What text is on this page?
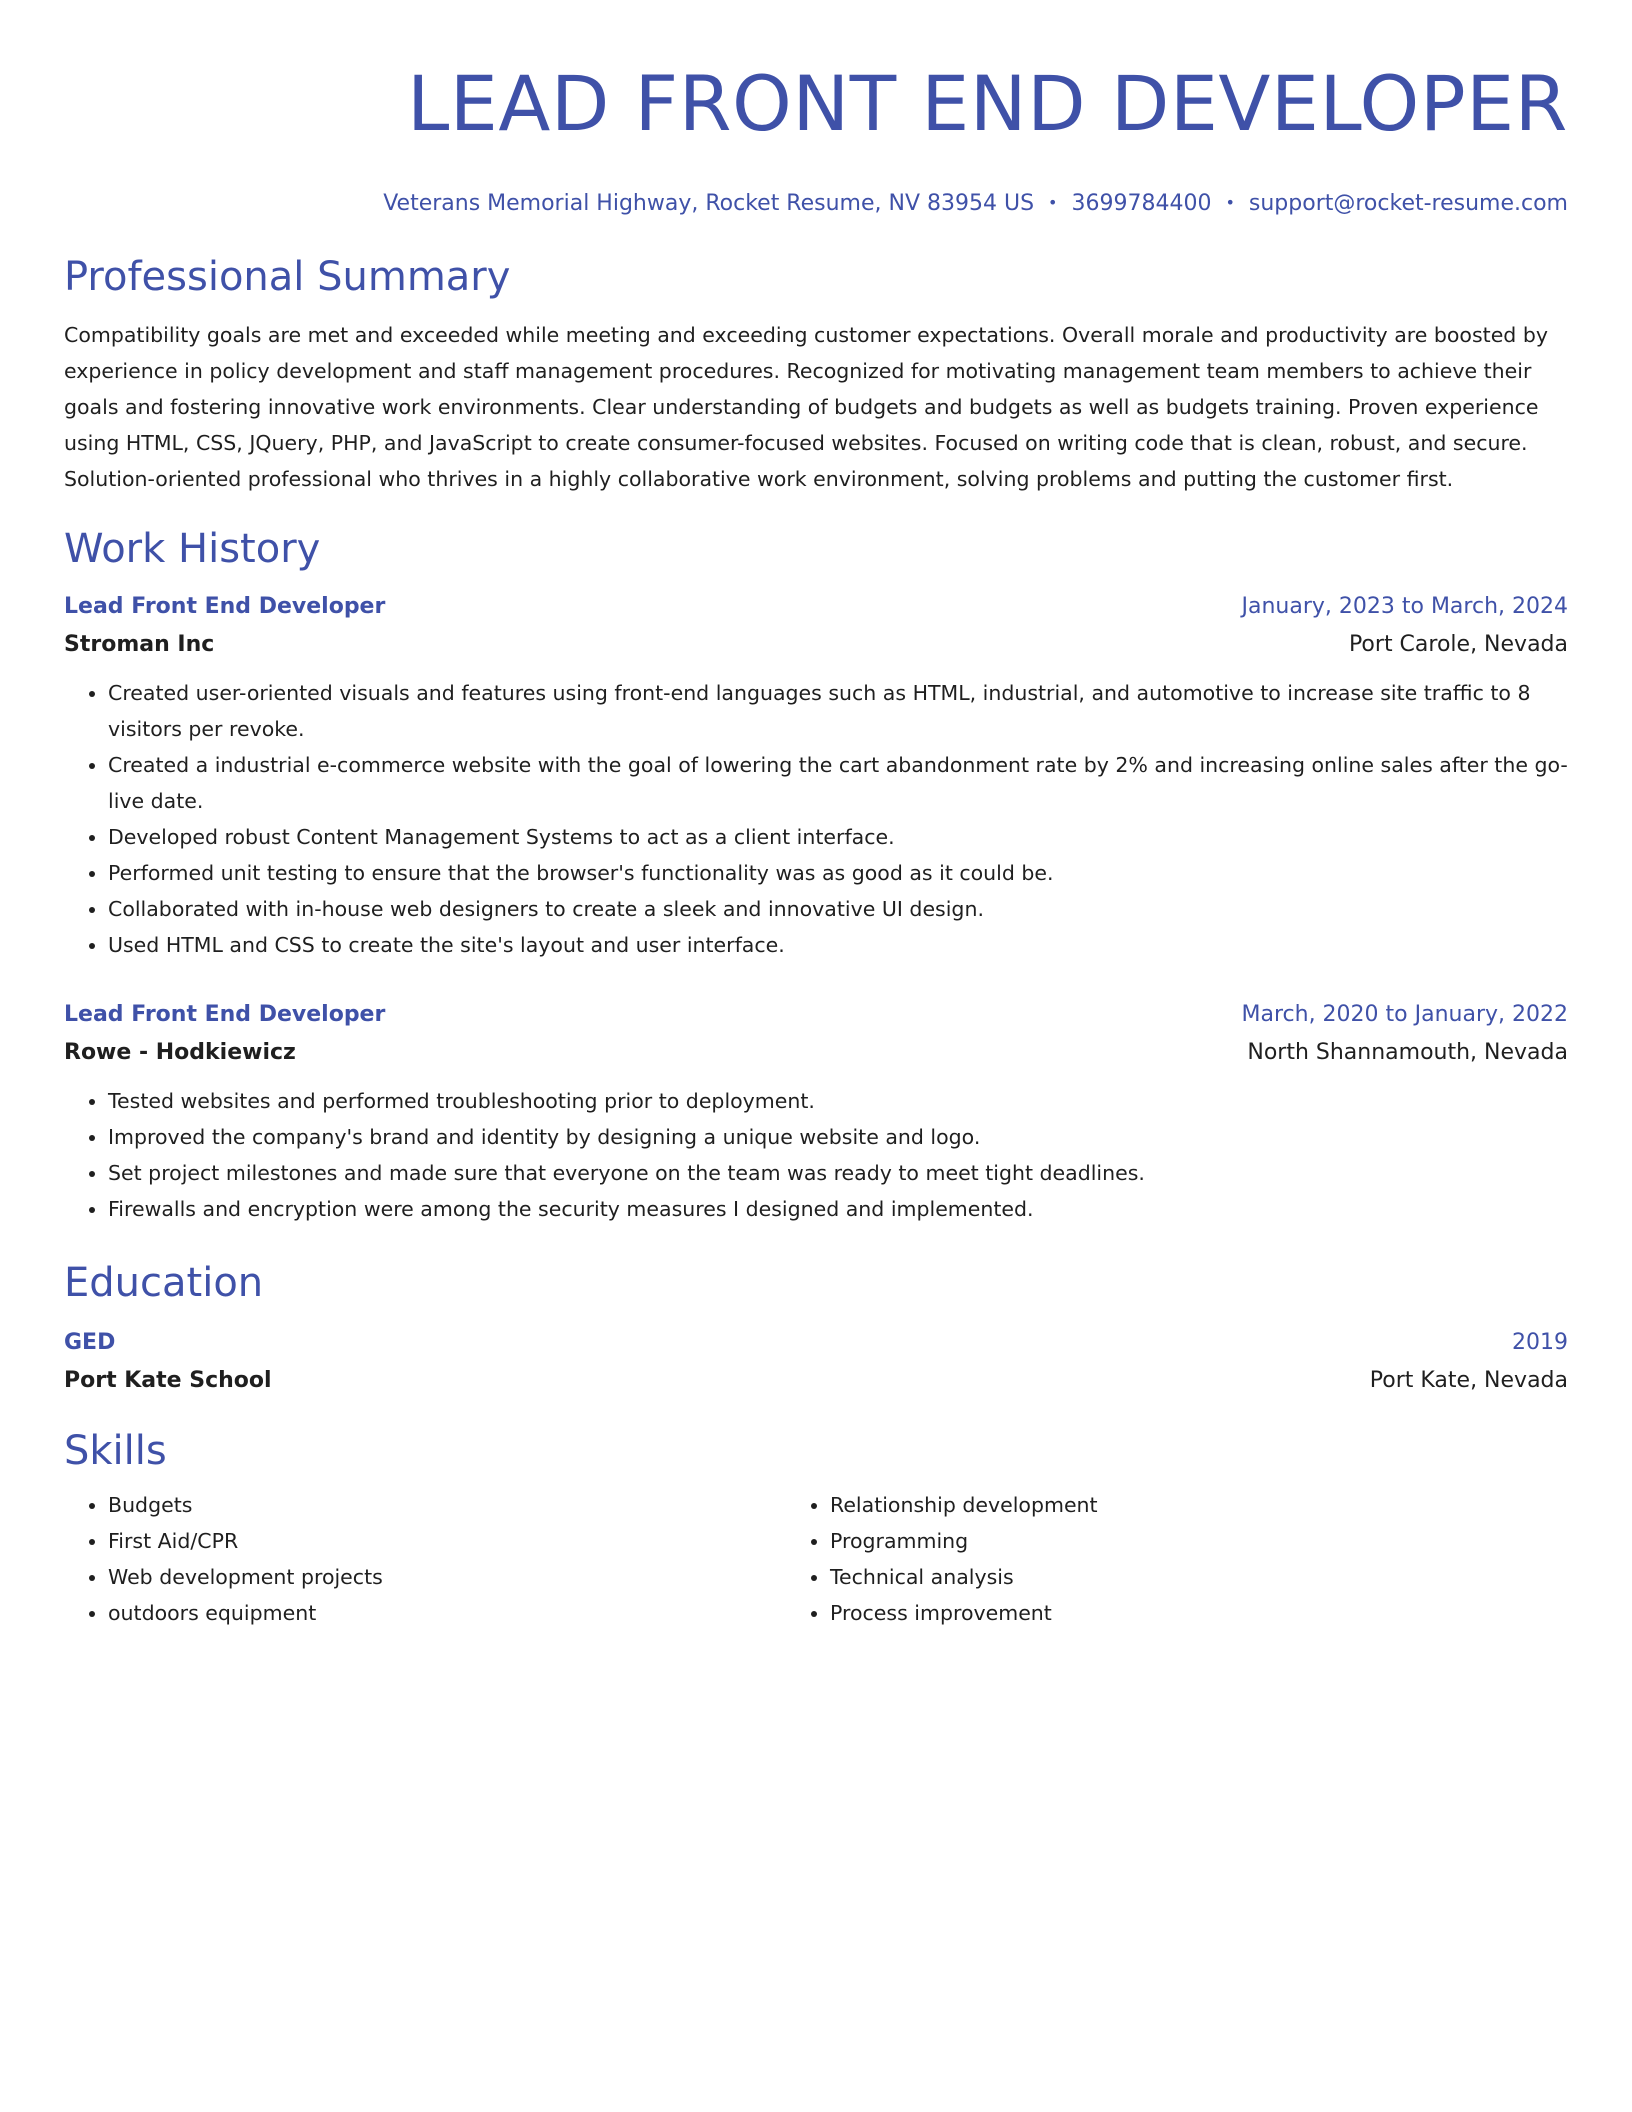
LEAD FRONT END DEVELOPER
Veterans Memorial Highway, Rocket Resume, NV 83954 US • 3699784400 • support@rocket-resume.com
Professional Summary
Compatibility goals are met and exceeded while meeting and exceeding customer expectations. Overall morale and productivity are boosted by experience in policy development and staff management procedures. Recognized for motivating management team members to achieve their goals and fostering innovative work environments. Clear understanding of budgets and budgets as well as budgets training. Proven experience using HTML, CSS, JQuery, PHP, and JavaScript to create consumer-focused websites. Focused on writing code that is clean, robust, and secure. Solution-oriented professional who thrives in a highly collaborative work environment, solving problems and putting the customer first.
Work History
Lead Front End Developer	January, 2023 to March, 2024
Stroman Inc	Port Carole, Nevada
• Created user-oriented visuals and features using front-end languages such as HTML, industrial, and automotive to increase site traffic to 8 visitors per revoke.
• Created a industrial e-commerce website with the goal of lowering the cart abandonment rate by 2% and increasing online sales after the go-live date.
• Developed robust Content Management Systems to act as a client interface.
• Performed unit testing to ensure that the browser's functionality was as good as it could be.
• Collaborated with in-house web designers to create a sleek and innovative UI design.
• Used HTML and CSS to create the site's layout and user interface.
Lead Front End Developer	March, 2020 to January, 2022
Rowe - Hodkiewicz	North Shannamouth, Nevada
• Tested websites and performed troubleshooting prior to deployment.
• Improved the company's brand and identity by designing a unique website and logo.
• Set project milestones and made sure that everyone on the team was ready to meet tight deadlines.
• Firewalls and encryption were among the security measures I designed and implemented.
Education
GED	2019
Port Kate School	Port Kate, Nevada
Skills
• Budgets
• First Aid/CPR
• Web development projects
• outdoors equipment
• Relationship development
• Programming
• Technical analysis
• Process improvement
